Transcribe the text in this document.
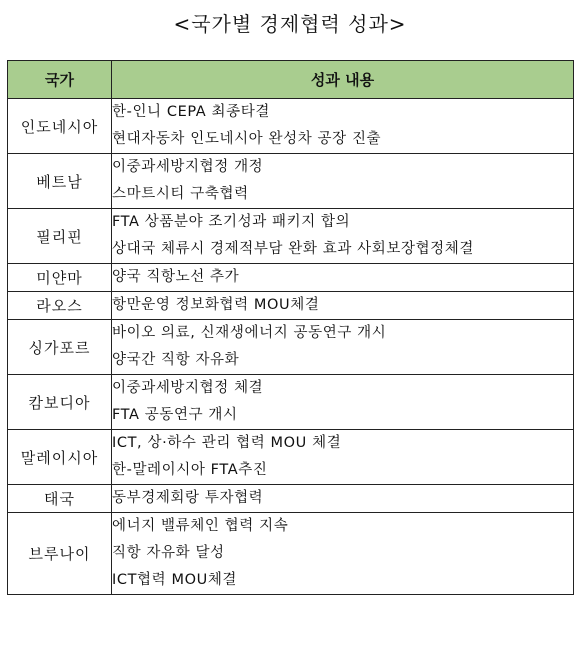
<국가별 경제협력 성과>
국가	성과 내용
인도네시아	한-인니 CEPA 최종타결
현대자동차 인도네시아 완성차 공장 진출

베트남	이중과세방지협정 개정
스마트시티 구축협력

필리핀	FTA 상품분야 조기성과 패키지 합의
상대국 체류시 경제적부담 완화 효과 사회보장협정체결

미얀마	양국 직항노선 추가

라오스	항만운영 정보화협력 MOU체결

싱가포르	바이오 의료, 신재생에너지 공동연구 개시
양국간 직항 자유화

캄보디아	이중과세방지협정 체결
FTA 공동연구 개시

말레이시아	ICT, 상·하수 관리 협력 MOU 체결
한-말레이시아 FTA추진

태국	동부경제회랑 투자협력

브루나이	에너지 밸류체인 협력 지속
직항 자유화 달성
ICT협력 MOU체결
